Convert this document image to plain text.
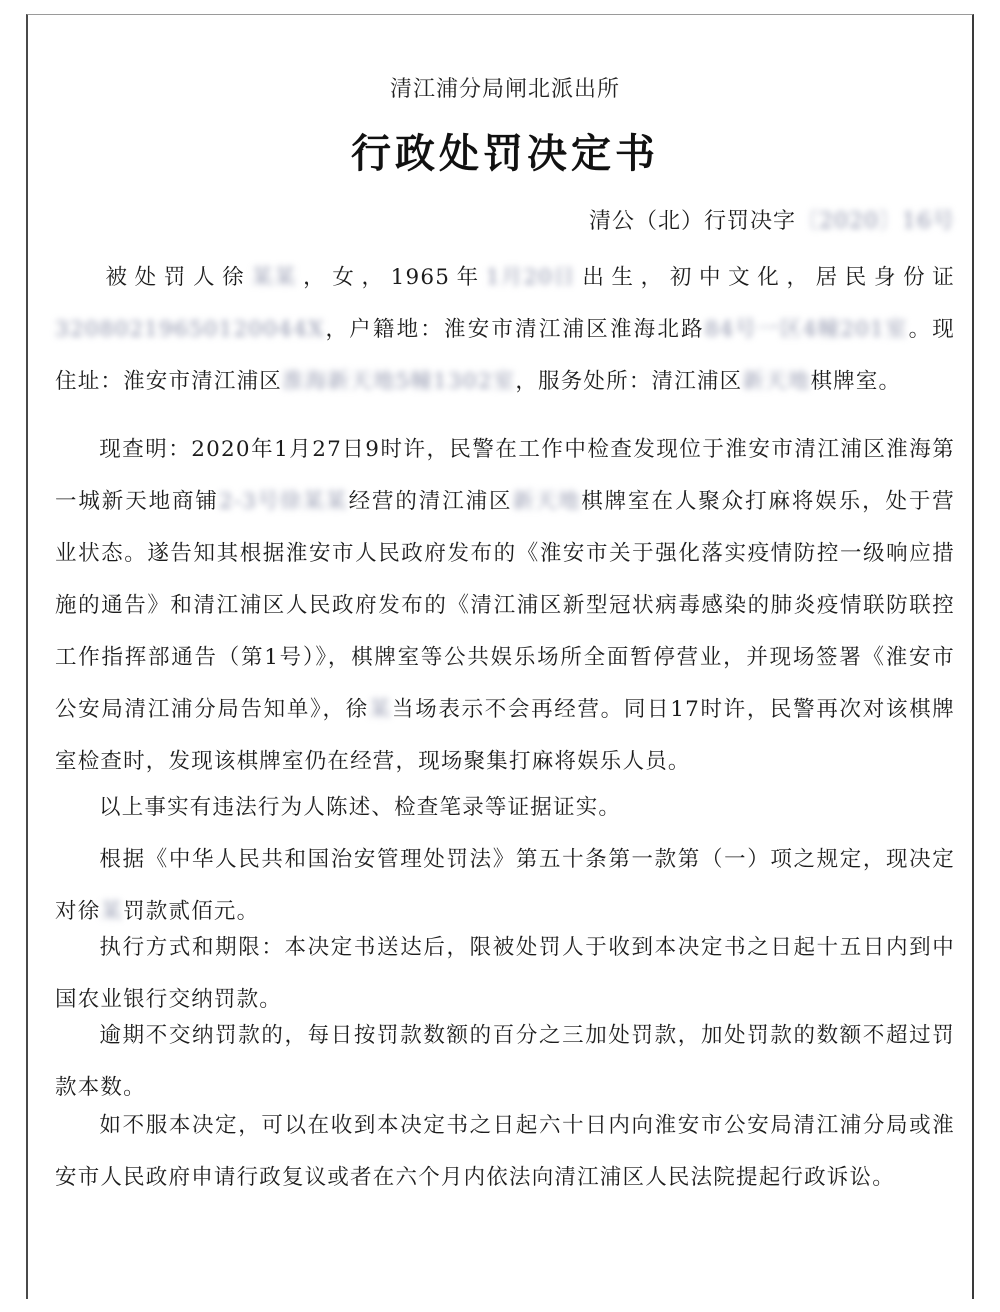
清江浦分局闸北派出所
行政处罚决定书
清公（北）行罚决字〔2020〕16号
被处罚人徐某某，女，1965年1月20日出生，初中文化，居民身份证32080219650120044X，户籍地：淮安市清江浦区淮海北路84号一区4幢201室。现住址：淮安市清江浦区淮海新天地5幢1302室，服务处所：清江浦区新天地棋牌室。
现查明：2020年1月27日9时许，民警在工作中检查发现位于淮安市清江浦区淮海第一城新天地商铺2-3号徐某某经营的清江浦区新天地棋牌室在人聚众打麻将娱乐，处于营业状态。遂告知其根据淮安市人民政府发布的《淮安市关于强化落实疫情防控一级响应措施的通告》和清江浦区人民政府发布的《清江浦区新型冠状病毒感染的肺炎疫情联防联控工作指挥部通告（第1号）》，棋牌室等公共娱乐场所全面暂停营业，并现场签署《淮安市公安局清江浦分局告知单》，徐某当场表示不会再经营。同日17时许，民警再次对该棋牌室检查时，发现该棋牌室仍在经营，现场聚集打麻将娱乐人员。
以上事实有违法行为人陈述、检查笔录等证据证实。
根据《中华人民共和国治安管理处罚法》第五十条第一款第（一）项之规定，现决定对徐某罚款贰佰元。
执行方式和期限：本决定书送达后，限被处罚人于收到本决定书之日起十五日内到中国农业银行交纳罚款。
逾期不交纳罚款的，每日按罚款数额的百分之三加处罚款，加处罚款的数额不超过罚款本数。
如不服本决定，可以在收到本决定书之日起六十日内向淮安市公安局清江浦分局或淮安市人民政府申请行政复议或者在六个月内依法向清江浦区人民法院提起行政诉讼。
